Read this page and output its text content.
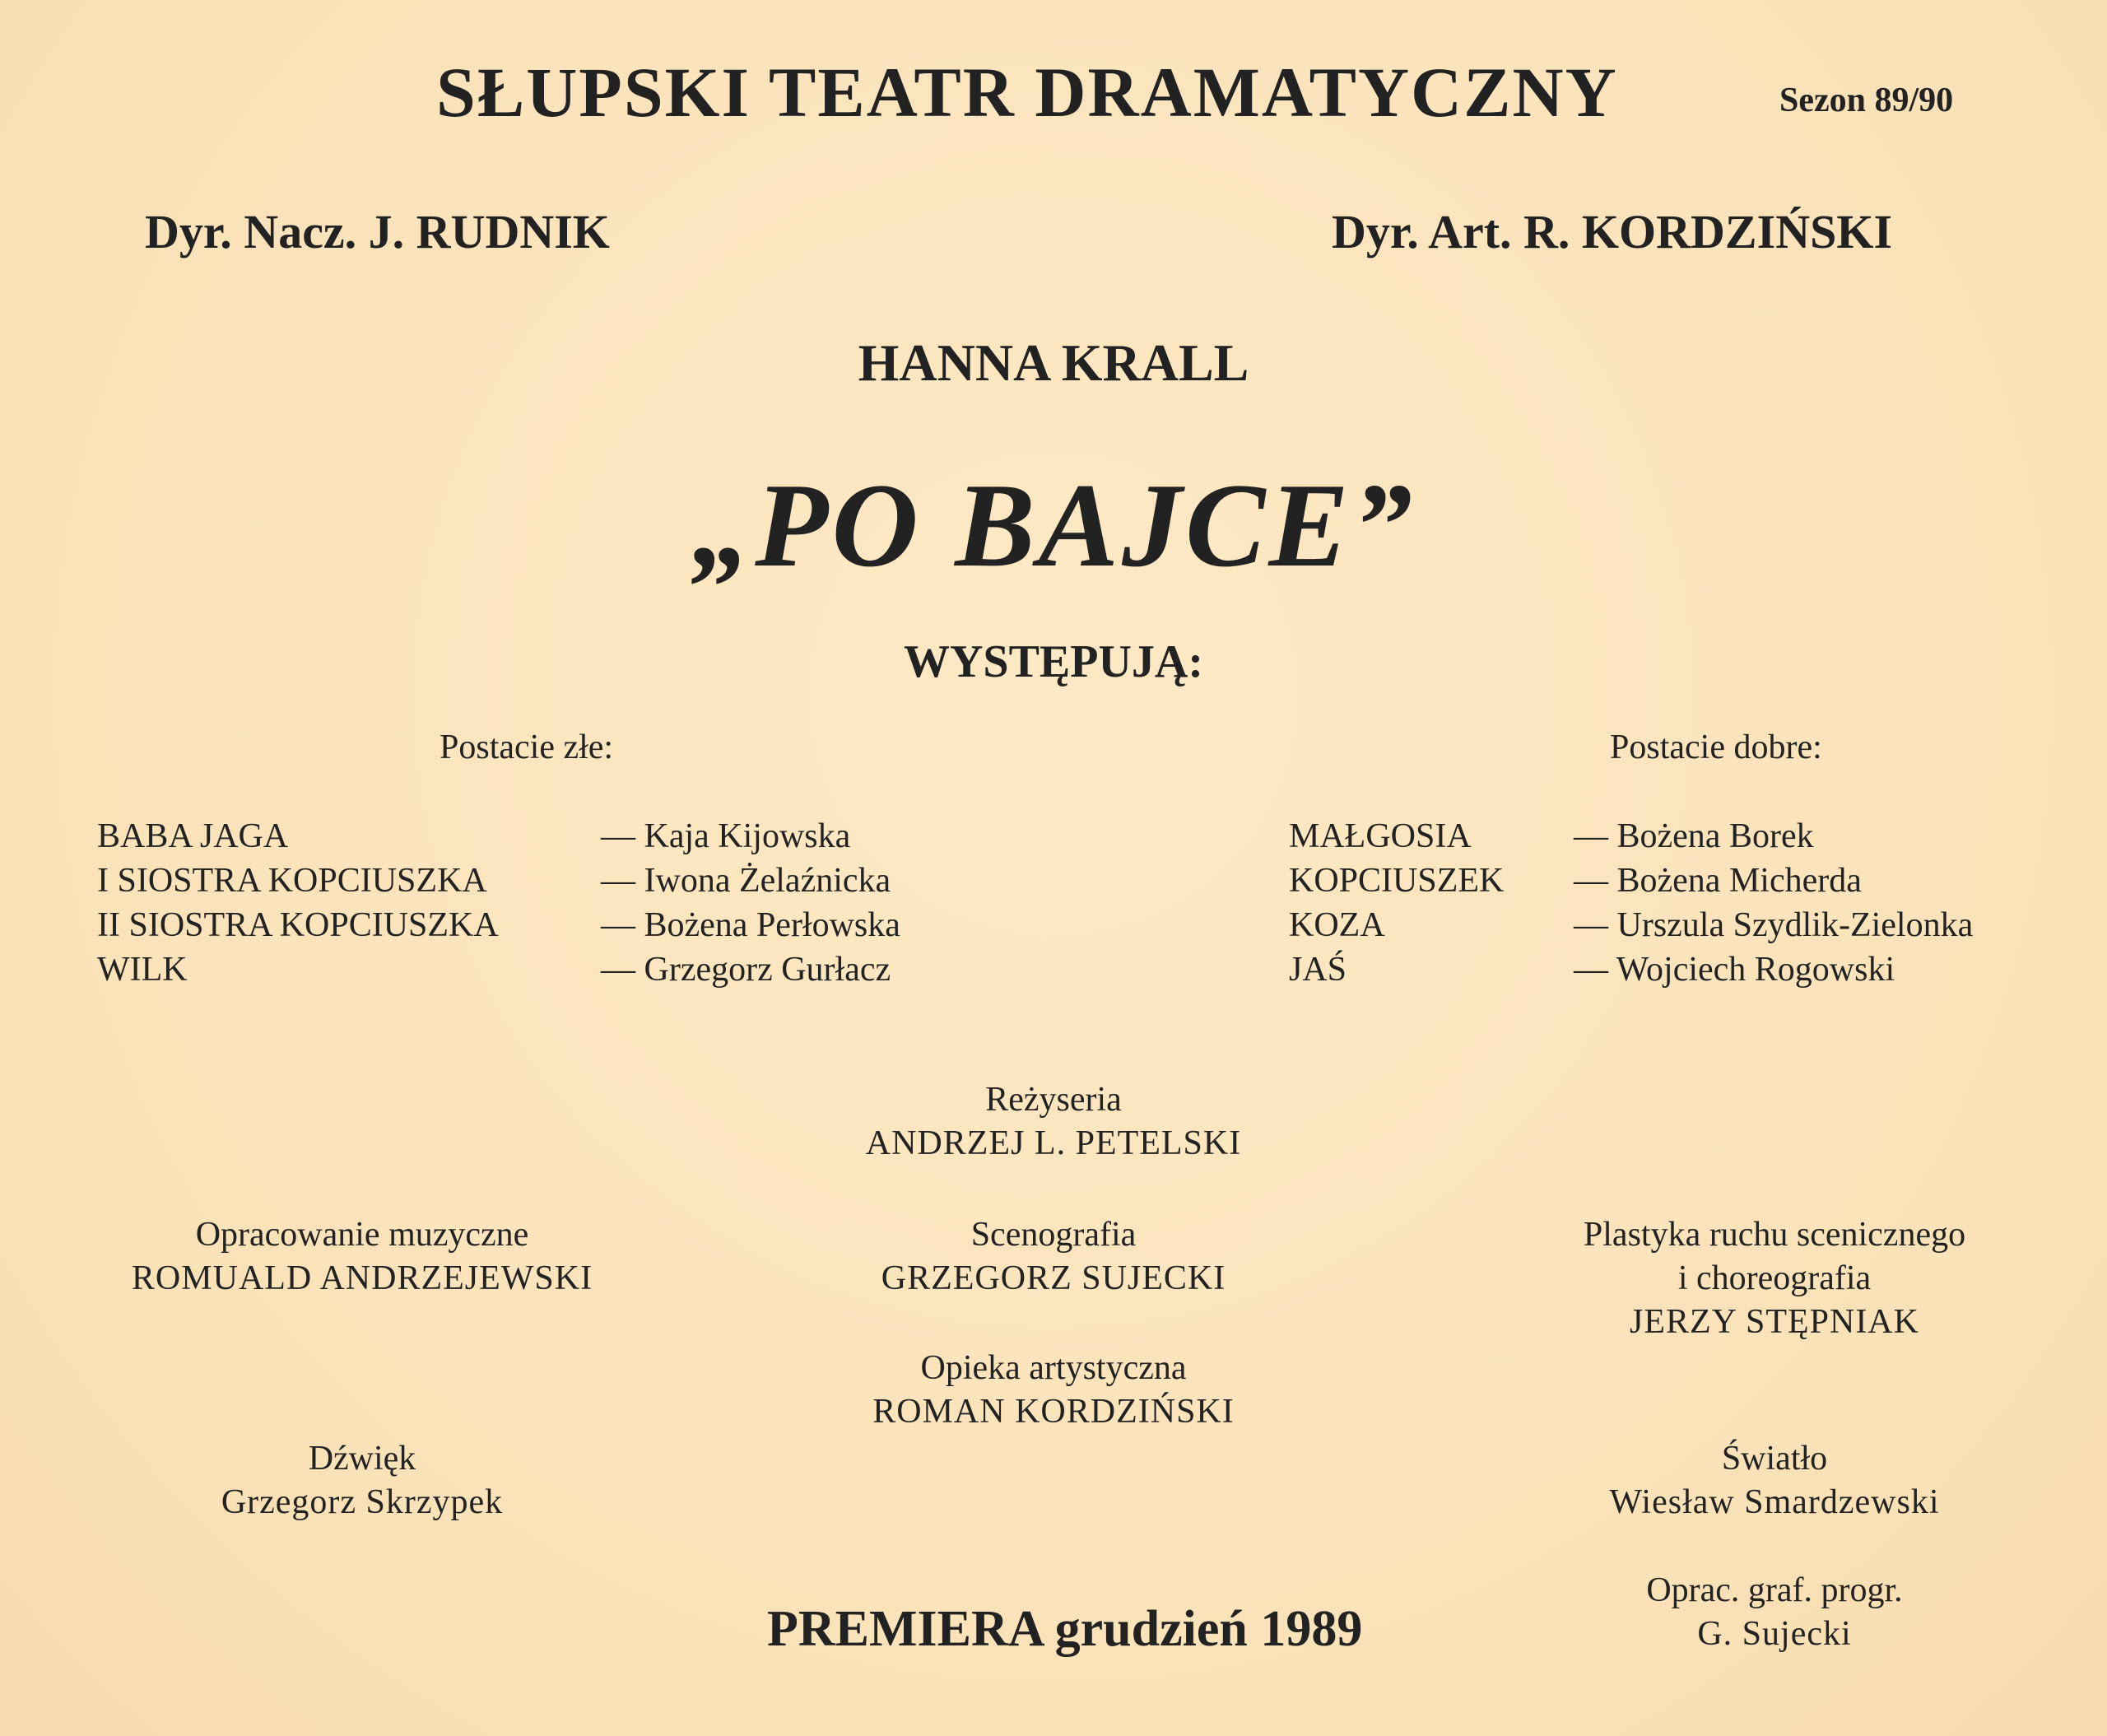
SŁUPSKI TEATR DRAMATYCZNY	Sezon 89/90
Dyr. Nacz. J. RUDNIK	Dyr. Art. R. KORDZIŃSKI
HANNA KRALL
„PO BAJCE”
WYSTĘPUJĄ:
Postacie złe:	Postacie dobre:
BABA JAGA	— Kaja Kijowska
I SIOSTRA KOPCIUSZKA	— Iwona Żelaźnicka
II SIOSTRA KOPCIUSZKA	— Bożena Perłowska
WILK	— Grzegorz Gurłacz
MAŁGOSIA	— Bożena Borek
KOPCIUSZEK — Bożena Micherda
KOZA	— Urszula Szydlik-Zielonka
JAŚ	— Wojciech Rogowski
Reżyseria
ANDRZEJ L. PETELSKI
Opracowanie muzyczne
ROMUALD ANDRZEJEWSKI
Scenografia
GRZEGORZ SUJECKI
Plastyka ruchu scenicznego
i choreografia
JERZY STĘPNIAK
Opieka artystyczna
ROMAN KORDZIŃSKI
Dźwięk
Grzegorz Skrzypek
Światło
Wiesław Smardzewski
Oprac. graf. progr.
G. Sujecki
PREMIERA grudzień 1989
